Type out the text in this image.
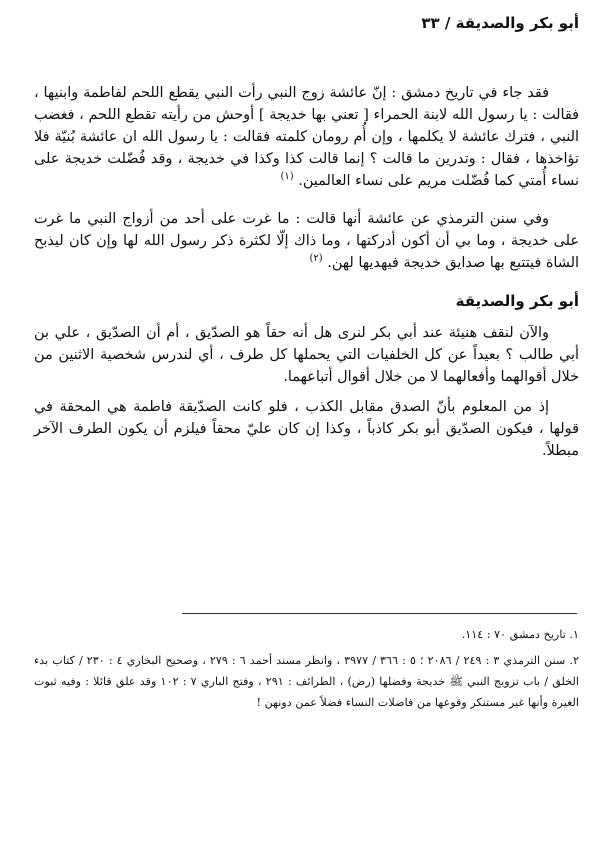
أبو بكر والصديقة / ٣٣

فقد جاء في تاريخ دمشق : إنّ عائشة زوج النبي رأت النبي يقطع اللحم لفاطمة وابنيها ، فقالت : يا رسول الله لابنة الحمراء [ تعني بها خديجة ] أوحش من رأيته تقطع اللحم ، فغضب النبي ، فترك عائشة لا يكلمها ، وإن أُم رومان كلمته فقالت : يا رسول الله ان عائشة بُنيّة فلا تؤاخذها ، فقال : وتدرين ما قالت ؟ إنما قالت كذا وكذا في خديجة ، وقد فُضّلت خديجة على نساء أُمتي كما فُضّلت مريم على نساء العالمين. $^{(١)}$

وفي سنن الترمذي عن عائشة أنها قالت : ما غرت على أحد من أزواج النبي ما غرت على خديجة ، وما بي أن أكون أدركتها ، وما ذاك إلّا لكثرة ذكر رسول الله لها وإن كان ليذبح الشاة فيتتبع بها صدايق خديجة فيهديها لهن. $^{(٢)}$

أبو بكر والصديقة

والآن لنقف هنيئة عند أبي بكر لنرى هل أنه حقاً هو الصدّيق ، أم أن الصدّيق ، علي بن أبي طالب ؟ بعيداً عن كل الخلفيات التي يحملها كل طرف ، أي لندرس شخصية الاثنين من خلال أقوالهما وأفعالهما لا من خلال أقوال أتباعهما.

إذ من المعلوم بأنّ الصدق مقابل الكذب ، فلو كانت الصدّيقة فاطمة هي المحقة في قولها ، فيكون الصدّيق أبو بكر كاذباً ، وكذا إن كان عليّ محقاً فيلزم أن يكون الطرف الآخر مبطلاً.

١. تاريخ دمشق ٧٠ : ١١٤.

٢. سنن الترمذي ٣ : ٢٤٩ / ٢٠٨٦ ؛ ٥ : ٣٦٦ / ٣٩٧٧ ، وانظر مسند أحمد ٦ : ٢٧٩ ، وصحيح البخاري ٤ : ٢٣٠ / كتاب بدء الخلق / باب تزويج النبي ﷺ خديجة وفضلها (رض) ، الطرائف : ٢٩١ ، وفتح الباري ٧ : ١٠٢ وقد علق قائلا : وفيه ثبوت الغيرة وأنها غير مستنكر وقوعها من فاضلات النساء فضلاً عمن دونهن !
